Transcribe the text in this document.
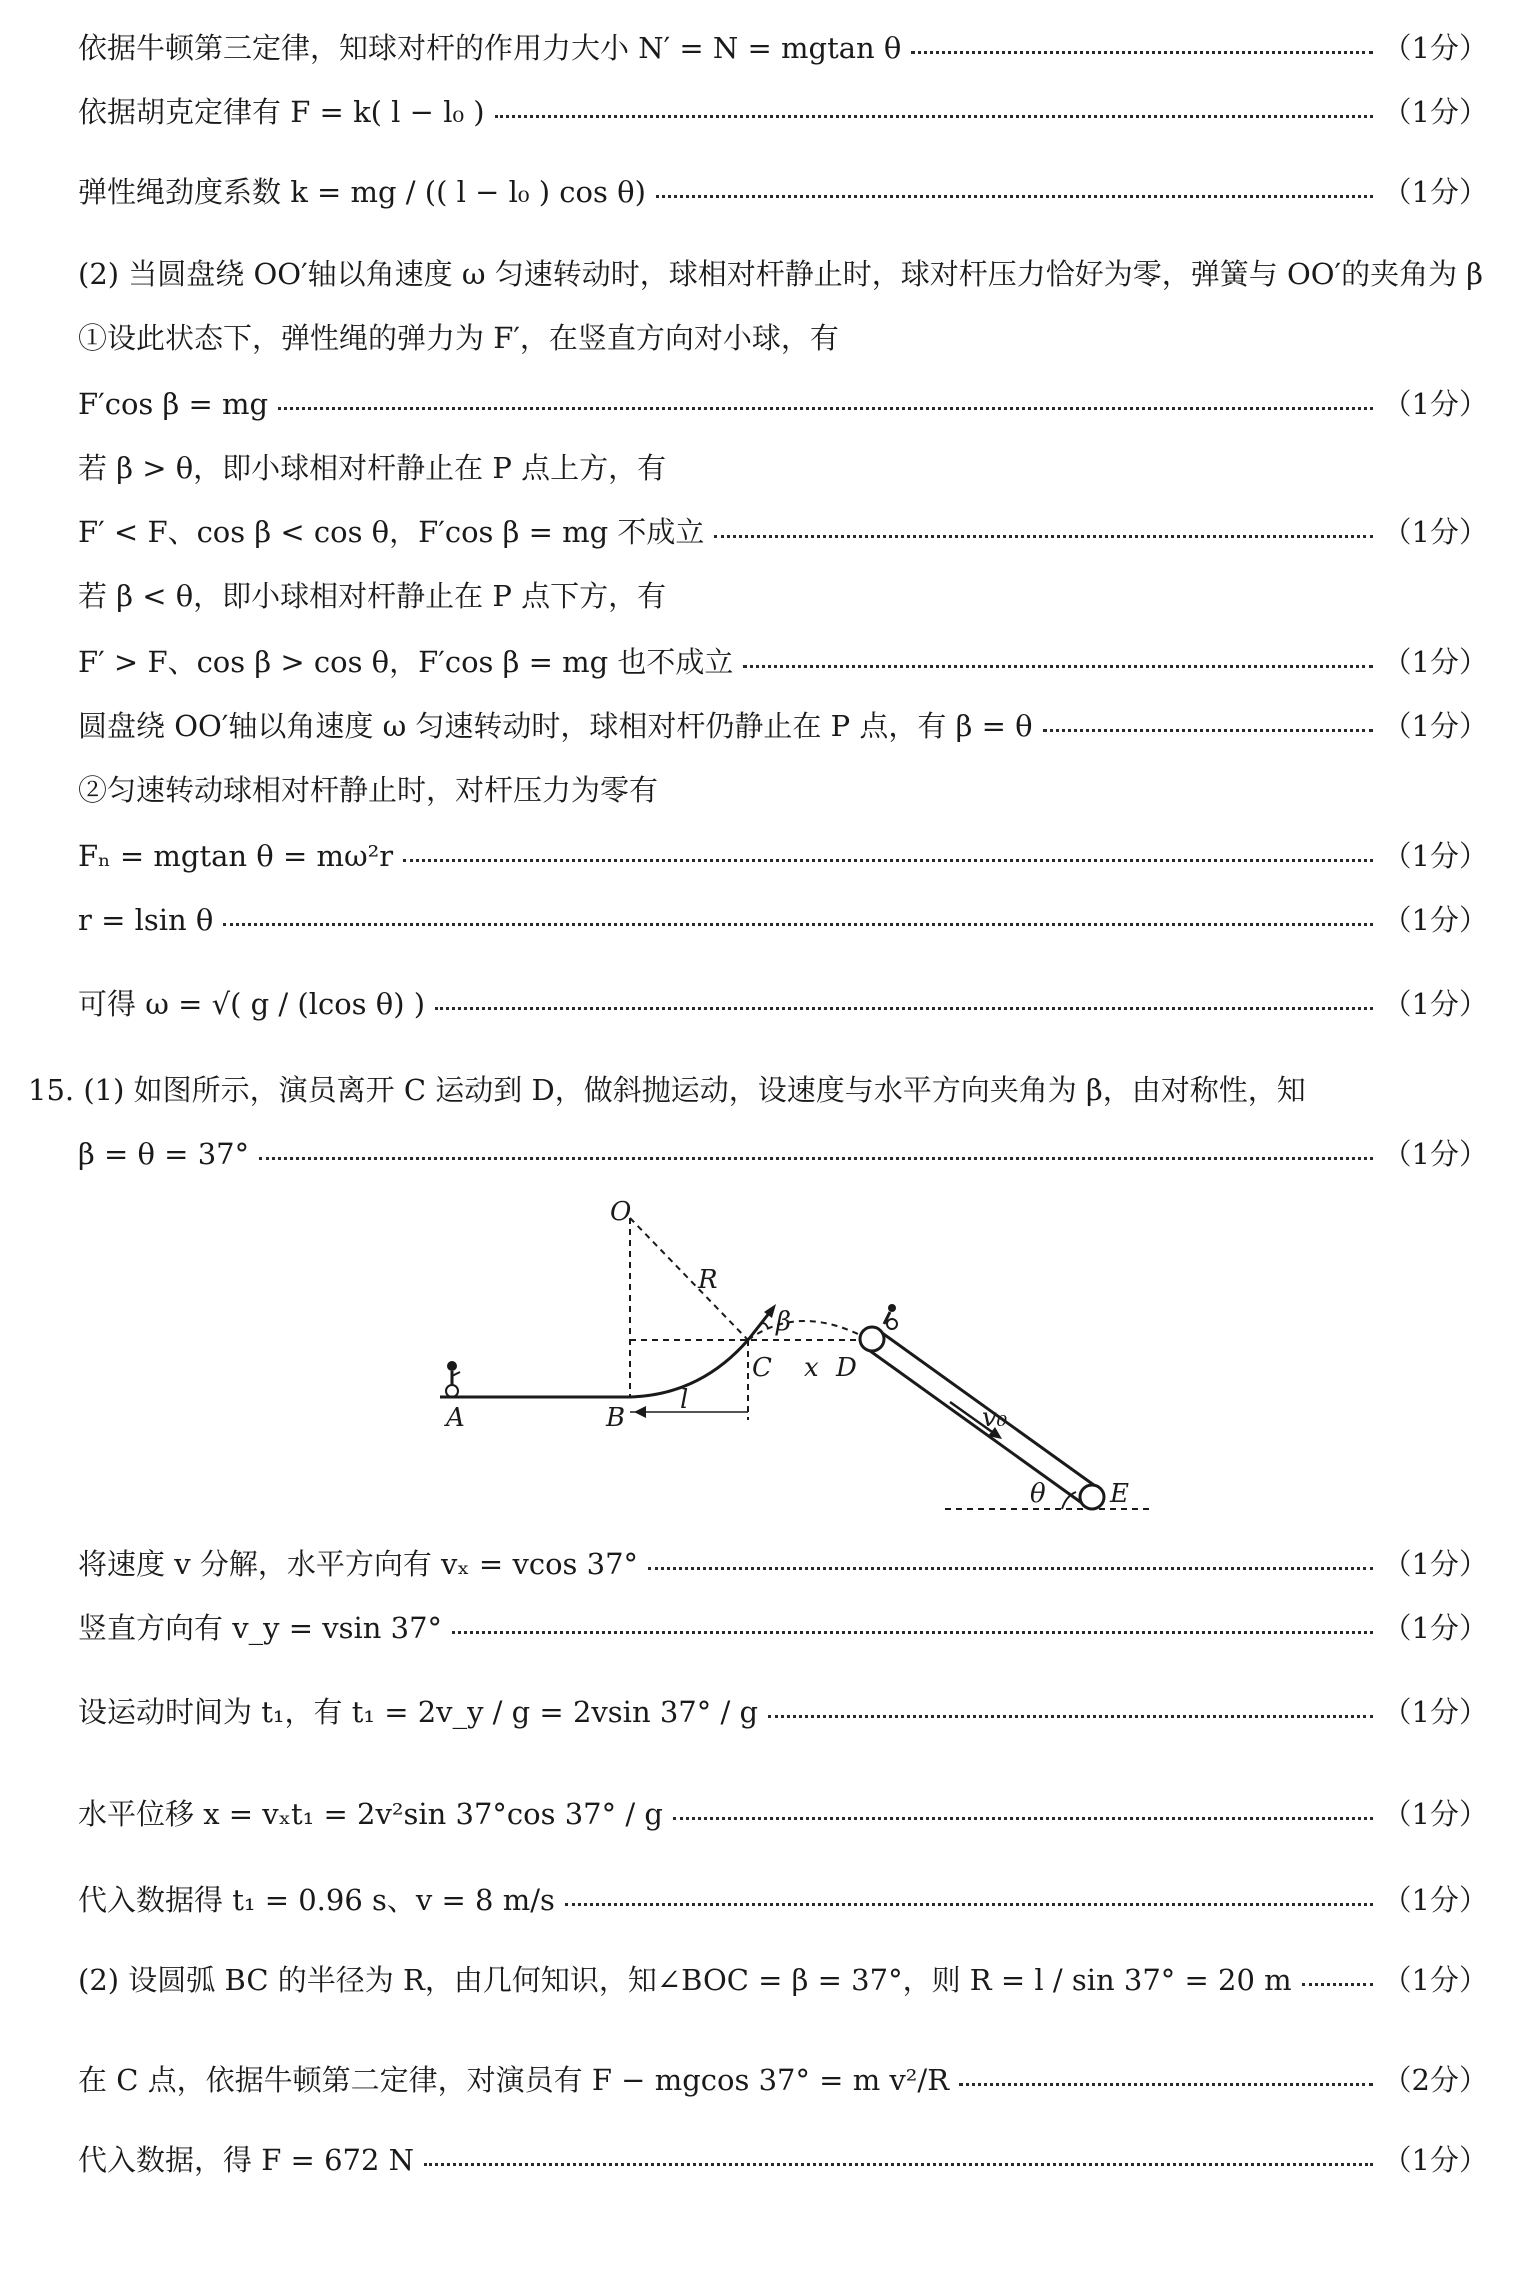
依据牛顿第三定律，知球对杆的作用力大小 N′ = N = mgtan θ	（1分）
依据胡克定律有 F = k( l − l₀ )	（1分）
弹性绳劲度系数 k = mg / (( l − l₀ ) cos θ)	（1分）
(2) 当圆盘绕 OO′轴以角速度 ω 匀速转动时，球相对杆静止时，球对杆压力恰好为零，弹簧与 OO′的夹角为 β
①设此状态下，弹性绳的弹力为 F′，在竖直方向对小球，有
F′cos β = mg	（1分）
若 β > θ，即小球相对杆静止在 P 点上方，有
F′ < F、cos β < cos θ，F′cos β = mg 不成立	（1分）
若 β < θ，即小球相对杆静止在 P 点下方，有
F′ > F、cos β > cos θ，F′cos β = mg 也不成立	（1分）
圆盘绕 OO′轴以角速度 ω 匀速转动时，球相对杆仍静止在 P 点，有 β = θ	（1分）
②匀速转动球相对杆静止时，对杆压力为零有
Fₙ = mgtan θ = mω²r	（1分）
r = lsin θ	（1分）
可得 ω = √( g / (lcos θ) )	（1分）
15. (1) 如图所示，演员离开 C 运动到 D，做斜抛运动，设速度与水平方向夹角为 β，由对称性，知
β = θ = 37°	（1分）
O
R
β
A	B
l
C x D
v₀
θ E
将速度 v 分解，水平方向有 vₓ = vcos 37°	（1分）
竖直方向有 v_y = vsin 37°	（1分）
设运动时间为 t₁，有 t₁ = 2v_y / g = 2vsin 37° / g	（1分）
水平位移 x = vₓt₁ = 2v²sin 37°cos 37° / g	（1分）
代入数据得 t₁ = 0.96 s、v = 8 m/s	（1分）
(2) 设圆弧 BC 的半径为 R，由几何知识，知∠BOC = β = 37°，则 R = l / sin 37° = 20 m	（1分）
在 C 点，依据牛顿第二定律，对演员有 F − mgcos 37° = m v²/R	（2分）
代入数据，得 F = 672 N	（1分）
